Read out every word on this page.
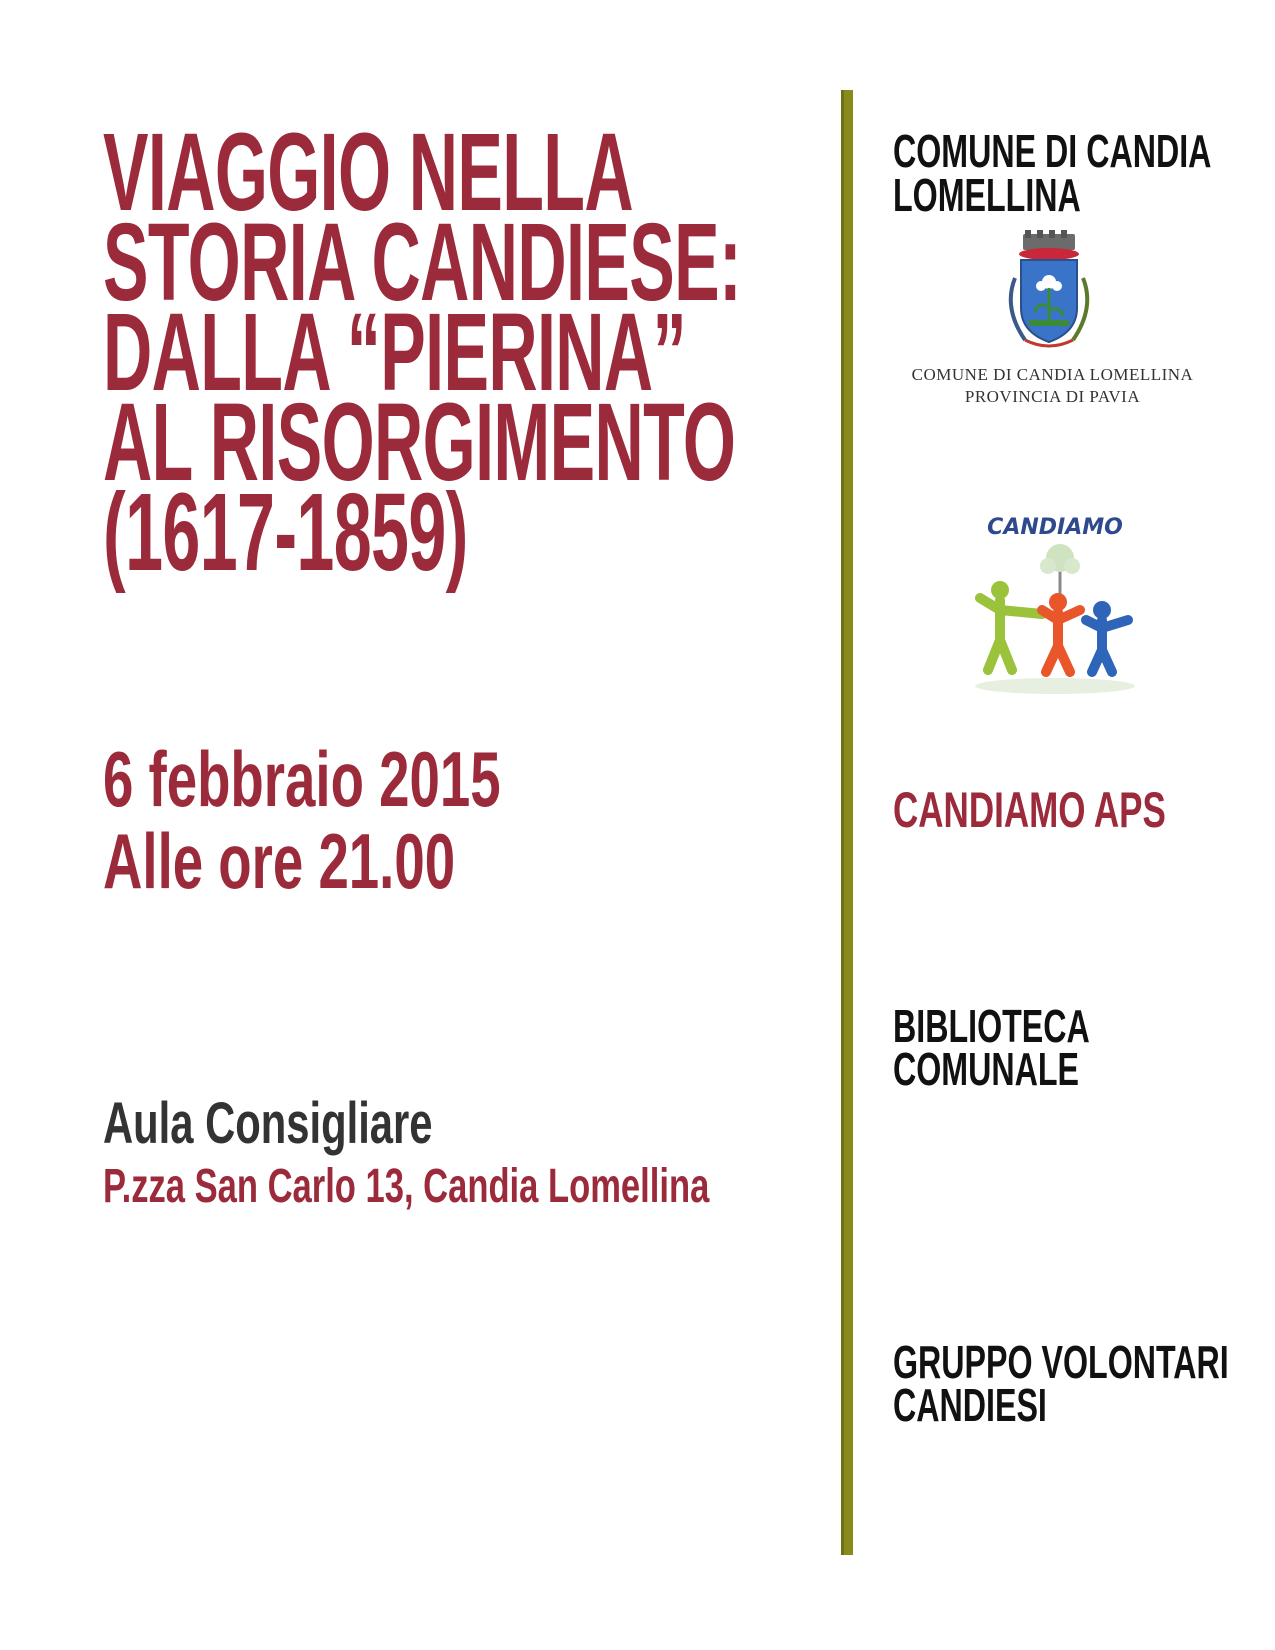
VIAGGIO NELLA
STORIA CANDIESE:
DALLA “PIERINA”
AL RISORGIMENTO
(1617-1859)
6 febbraio 2015
Alle ore 21.00
Aula Consigliare
P.zza San Carlo 13, Candia Lomellina
COMUNE DI CANDIA
LOMELLINA
COMUNE DI CANDIA LOMELLINA
PROVINCIA DI PAVIA
CANDIAMO
CANDIAMO APS
BIBLIOTECA
COMUNALE
GRUPPO VOLONTARI
CANDIESI
